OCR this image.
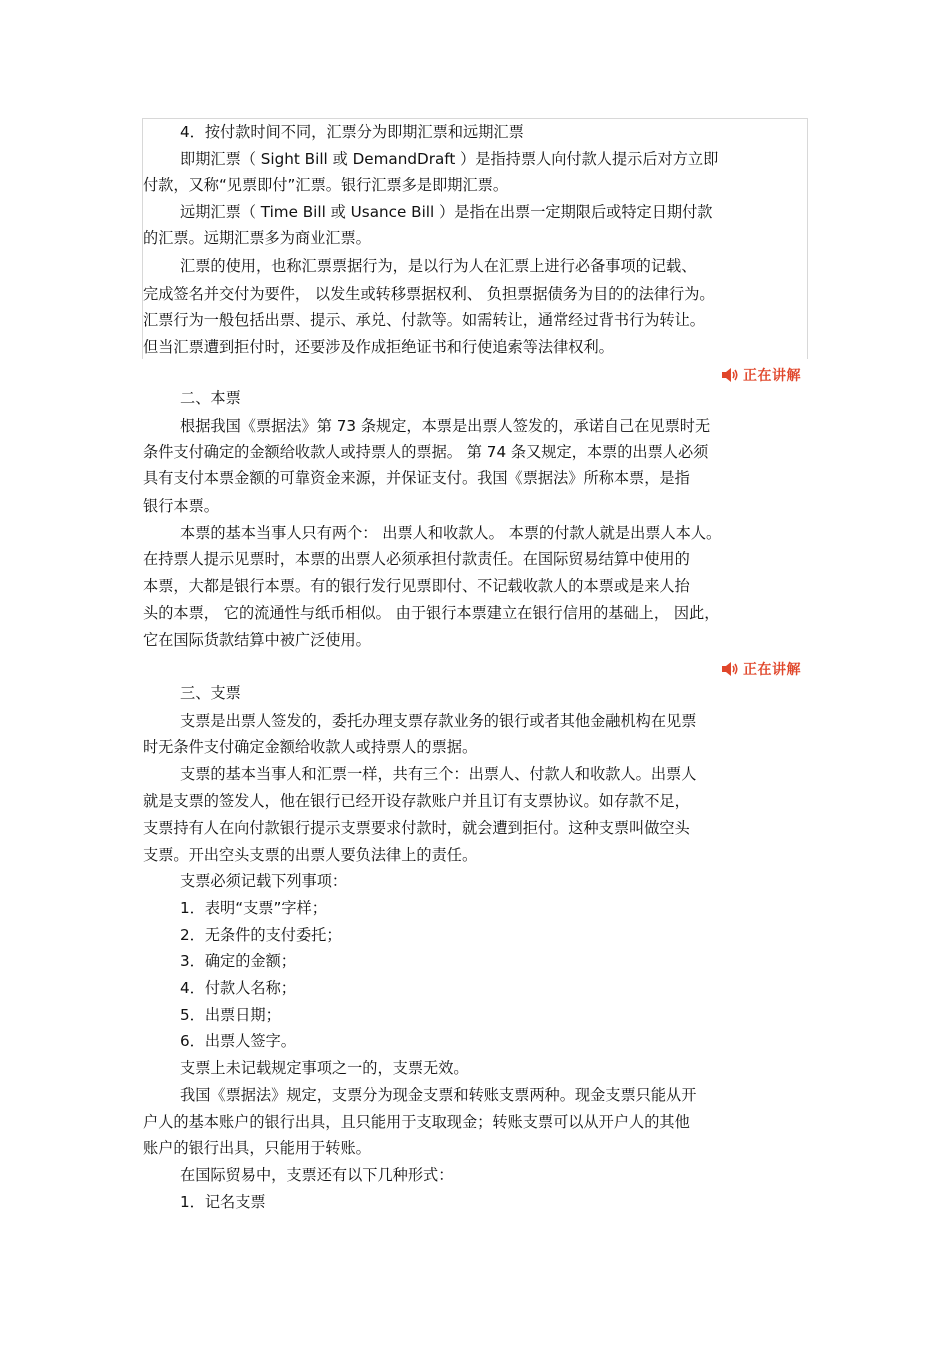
4．按付款时间不同，汇票分为即期汇票和远期汇票
即期汇票（ Sight Bill 或 DemandDraft ）是指持票人向付款人提示后对方立即
付款，又称“见票即付”汇票。银行汇票多是即期汇票。
远期汇票（ Time Bill 或 Usance Bill ）是指在出票一定期限后或特定日期付款
的汇票。远期汇票多为商业汇票。
汇票的使用，也称汇票票据行为，是以行为人在汇票上进行必备事项的记载、
完成签名并交付为要件， 以发生或转移票据权利、 负担票据债务为目的的法律行为。
汇票行为一般包括出票、提示、承兑、付款等。如需转让，通常经过背书行为转让。
但当汇票遭到拒付时，还要涉及作成拒绝证书和行使追索等法律权利。
正在讲解
二、本票
根据我国《票据法》第 73 条规定，本票是出票人签发的，承诺自己在见票时无
条件支付确定的金额给收款人或持票人的票据。 第 74 条又规定，本票的出票人必须
具有支付本票金额的可靠资金来源，并保证支付。我国《票据法》所称本票，是指
银行本票。
本票的基本当事人只有两个： 出票人和收款人。 本票的付款人就是出票人本人。
在持票人提示见票时，本票的出票人必须承担付款责任。在国际贸易结算中使用的
本票，大都是银行本票。有的银行发行见票即付、不记载收款人的本票或是来人抬
头的本票， 它的流通性与纸币相似。 由于银行本票建立在银行信用的基础上， 因此，
它在国际货款结算中被广泛使用。
正在讲解
三、支票
支票是出票人签发的，委托办理支票存款业务的银行或者其他金融机构在见票
时无条件支付确定金额给收款人或持票人的票据。
支票的基本当事人和汇票一样，共有三个：出票人、付款人和收款人。出票人
就是支票的签发人，他在银行已经开设存款账户并且订有支票协议。如存款不足，
支票持有人在向付款银行提示支票要求付款时，就会遭到拒付。这种支票叫做空头
支票。开出空头支票的出票人要负法律上的责任。
支票必须记载下列事项：
1．表明“支票”字样；
2．无条件的支付委托；
3．确定的金额；
4．付款人名称；
5．出票日期；
6．出票人签字。
支票上未记载规定事项之一的，支票无效。
我国《票据法》规定，支票分为现金支票和转账支票两种。现金支票只能从开
户人的基本账户的银行出具，且只能用于支取现金；转账支票可以从开户人的其他
账户的银行出具，只能用于转账。
在国际贸易中，支票还有以下几种形式：
1．记名支票
